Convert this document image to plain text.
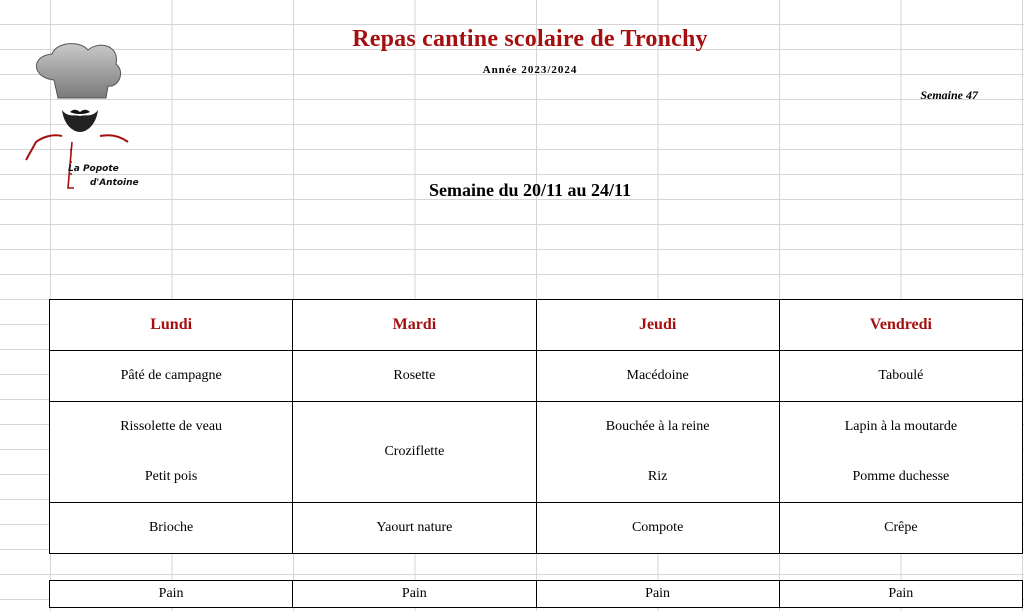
La Popote
d'Antoine
Repas cantine scolaire de Tronchy
Année 2023/2024
Semaine 47
Semaine du 20/11 au 24/11
Lundi	Mardi	Jeudi	Vendredi
Pâté de campagne	Rosette	Macédoine	Taboulé
Rissolette de veau	Croziflette	Bouchée à la reine	Lapin à la moutarde
Petit pois		Riz	Pomme duchesse
Brioche	Yaourt nature	Compote	Crêpe
Pain	Pain	Pain	Pain
